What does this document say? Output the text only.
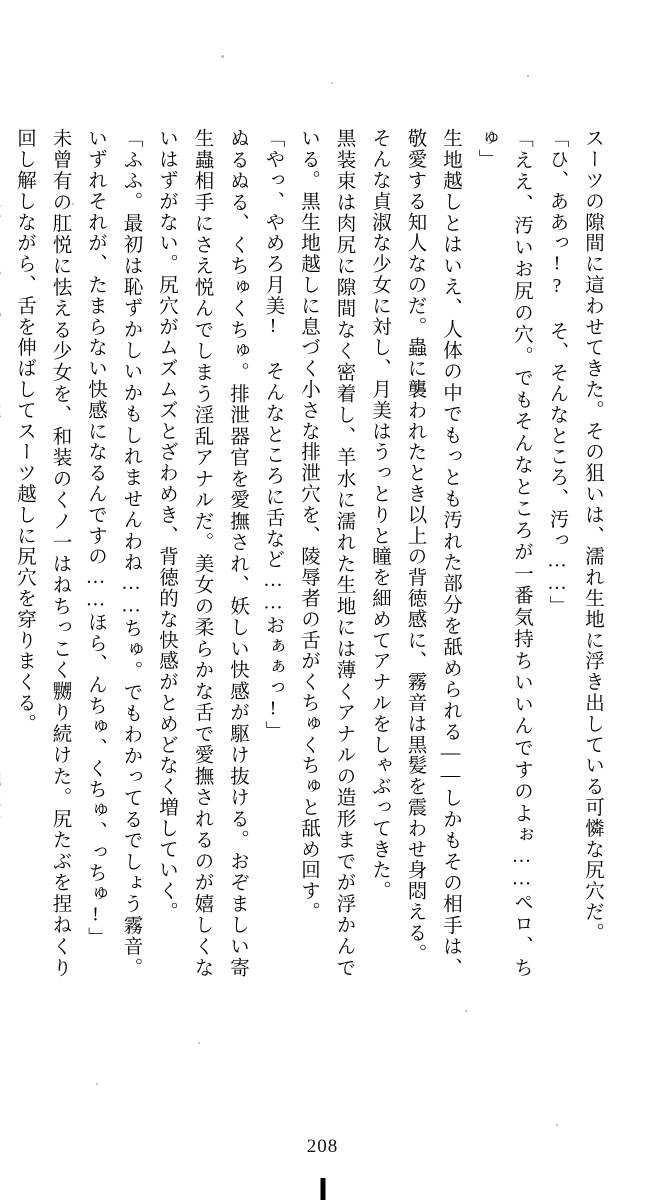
スーツの隙間に這わせてきた。その狙いは、濡れ生地に浮き出している可憐な尻穴だ。

「ひ、ああっ!? そ、そんなところ、汚っ……」

「ええ、汚いお尻の穴。でもそんなところが一番気持ちいいんですのよぉ……ペロ、ちゅ」

生地越しとはいえ、人体の中でもっとも汚れた部分を舐められる——しかもその相手は、敬愛する知人なのだ。蟲に襲われたとき以上の背徳感に、霧音は黒髪を震わせ身悶える。

そんな貞淑な少女に対し、月美はうっとりと瞳を細めてアナルをしゃぶってきた。

黒装束は肉尻に隙間なく密着し、羊水に濡れた生地には薄くアナルの造形までが浮かんでいる。黒生地越しに息づく小さな排泄穴を、陵辱者の舌がくちゅくちゅと舐め回す。

「やっ、やめろ月美! そんなところに舌など……おぁぁっ!」

ぬるぬる、くちゅくちゅ。排泄器官を愛撫され、妖しい快感が駆け抜ける。おぞましい寄生蟲相手にさえ悦んでしまう淫乱アナルだ。美女の柔らかな舌で愛撫されるのが嬉しくないはずがない。尻穴がムズムズとざわめき、背徳的な快感がとめどなく増していく。

「ふふ。最初は恥ずかしいかもしれませんわね……ちゅ。でもわかってるでしょう霧音。いずれそれが、たまらない快感になるんですの……ほら、んちゅ、くちゅ、っちゅ!」

未曾有の肛悦に怯える少女を、和装のくノ一はねちっこく嬲り続けた。尻たぶを捏ねくり回し解しながら、舌を伸ばしてスーツ越しに尻穴を穿りまくる。

208
